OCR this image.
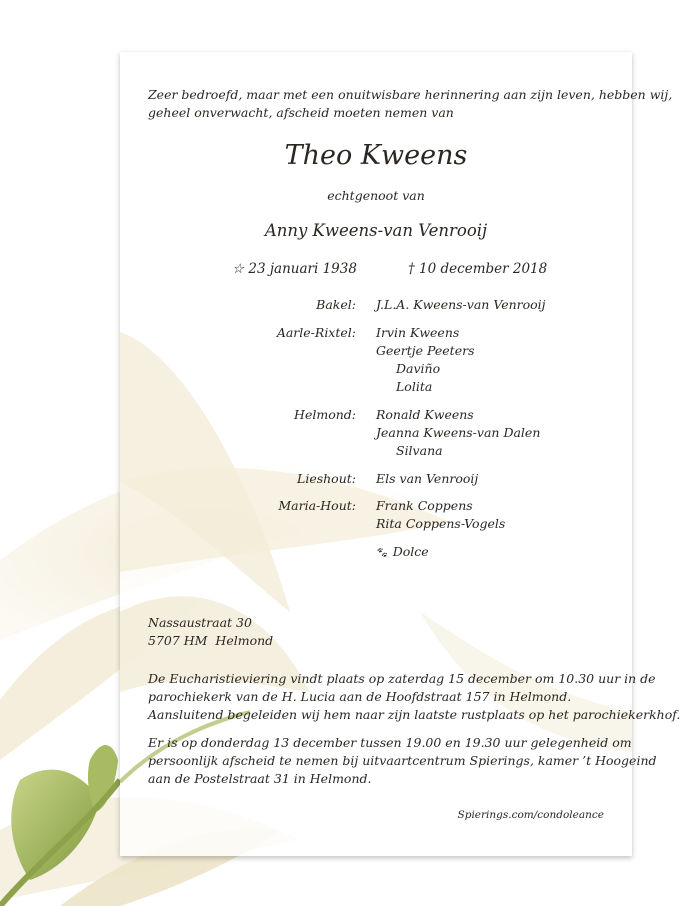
Zeer bedroefd, maar met een onuitwisbare herinnering aan zijn leven, hebben wij,
geheel onverwacht, afscheid moeten nemen van
Theo Kweens
echtgenoot van
Anny Kweens-van Venrooij
☆ 23 januari 1938	† 10 december 2018
Bakel: J.L.A. Kweens-van Venrooij
Aarle-Rixtel: Irvin Kweens
Geertje Peeters
Daviño
Lolita
Helmond: Ronald Kweens
Jeanna Kweens-van Dalen
Silvana
Lieshout: Els van Venrooij
Maria-Hout: Frank Coppens
Rita Coppens-Vogels
🐾︎ Dolce
Nassaustraat 30
5707 HM  Helmond
De Eucharistieviering vindt plaats op zaterdag 15 december om 10.30 uur in de
parochiekerk van de H. Lucia aan de Hoofdstraat 157 in Helmond.
Aansluitend begeleiden wij hem naar zijn laatste rustplaats op het parochiekerkhof.
Er is op donderdag 13 december tussen 19.00 en 19.30 uur gelegenheid om
persoonlijk afscheid te nemen bij uitvaartcentrum Spierings, kamer ’t Hoogeind
aan de Postelstraat 31 in Helmond.
Spierings.com/condoleance
